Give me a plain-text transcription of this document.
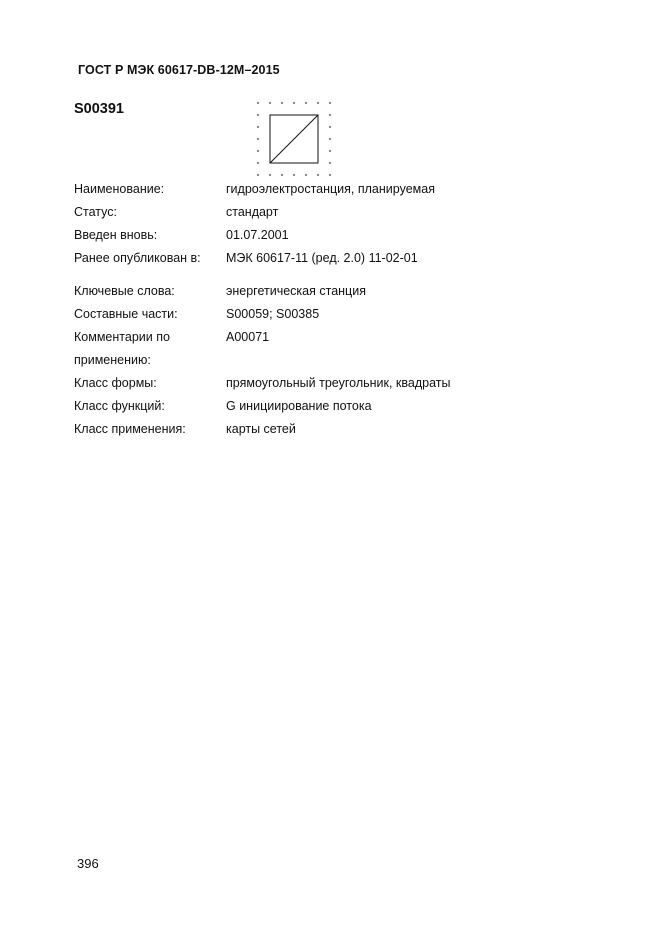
ГОСТ Р МЭК 60617-DB-12M–2015
S00391
Наименование:	гидроэлектростанция, планируемая
Статус:	стандарт
Введен вновь:	01.07.2001
Ранее опубликован в:	МЭК 60617-11 (ред. 2.0) 11-02-01
Ключевые слова:	энергетическая станция
Составные части:	S00059; S00385
Комментарии по	A00071
применению:
Класс формы:	прямоугольный треугольник, квадраты
Класс функций:	G инициирование потока
Класс применения:	карты сетей
396
